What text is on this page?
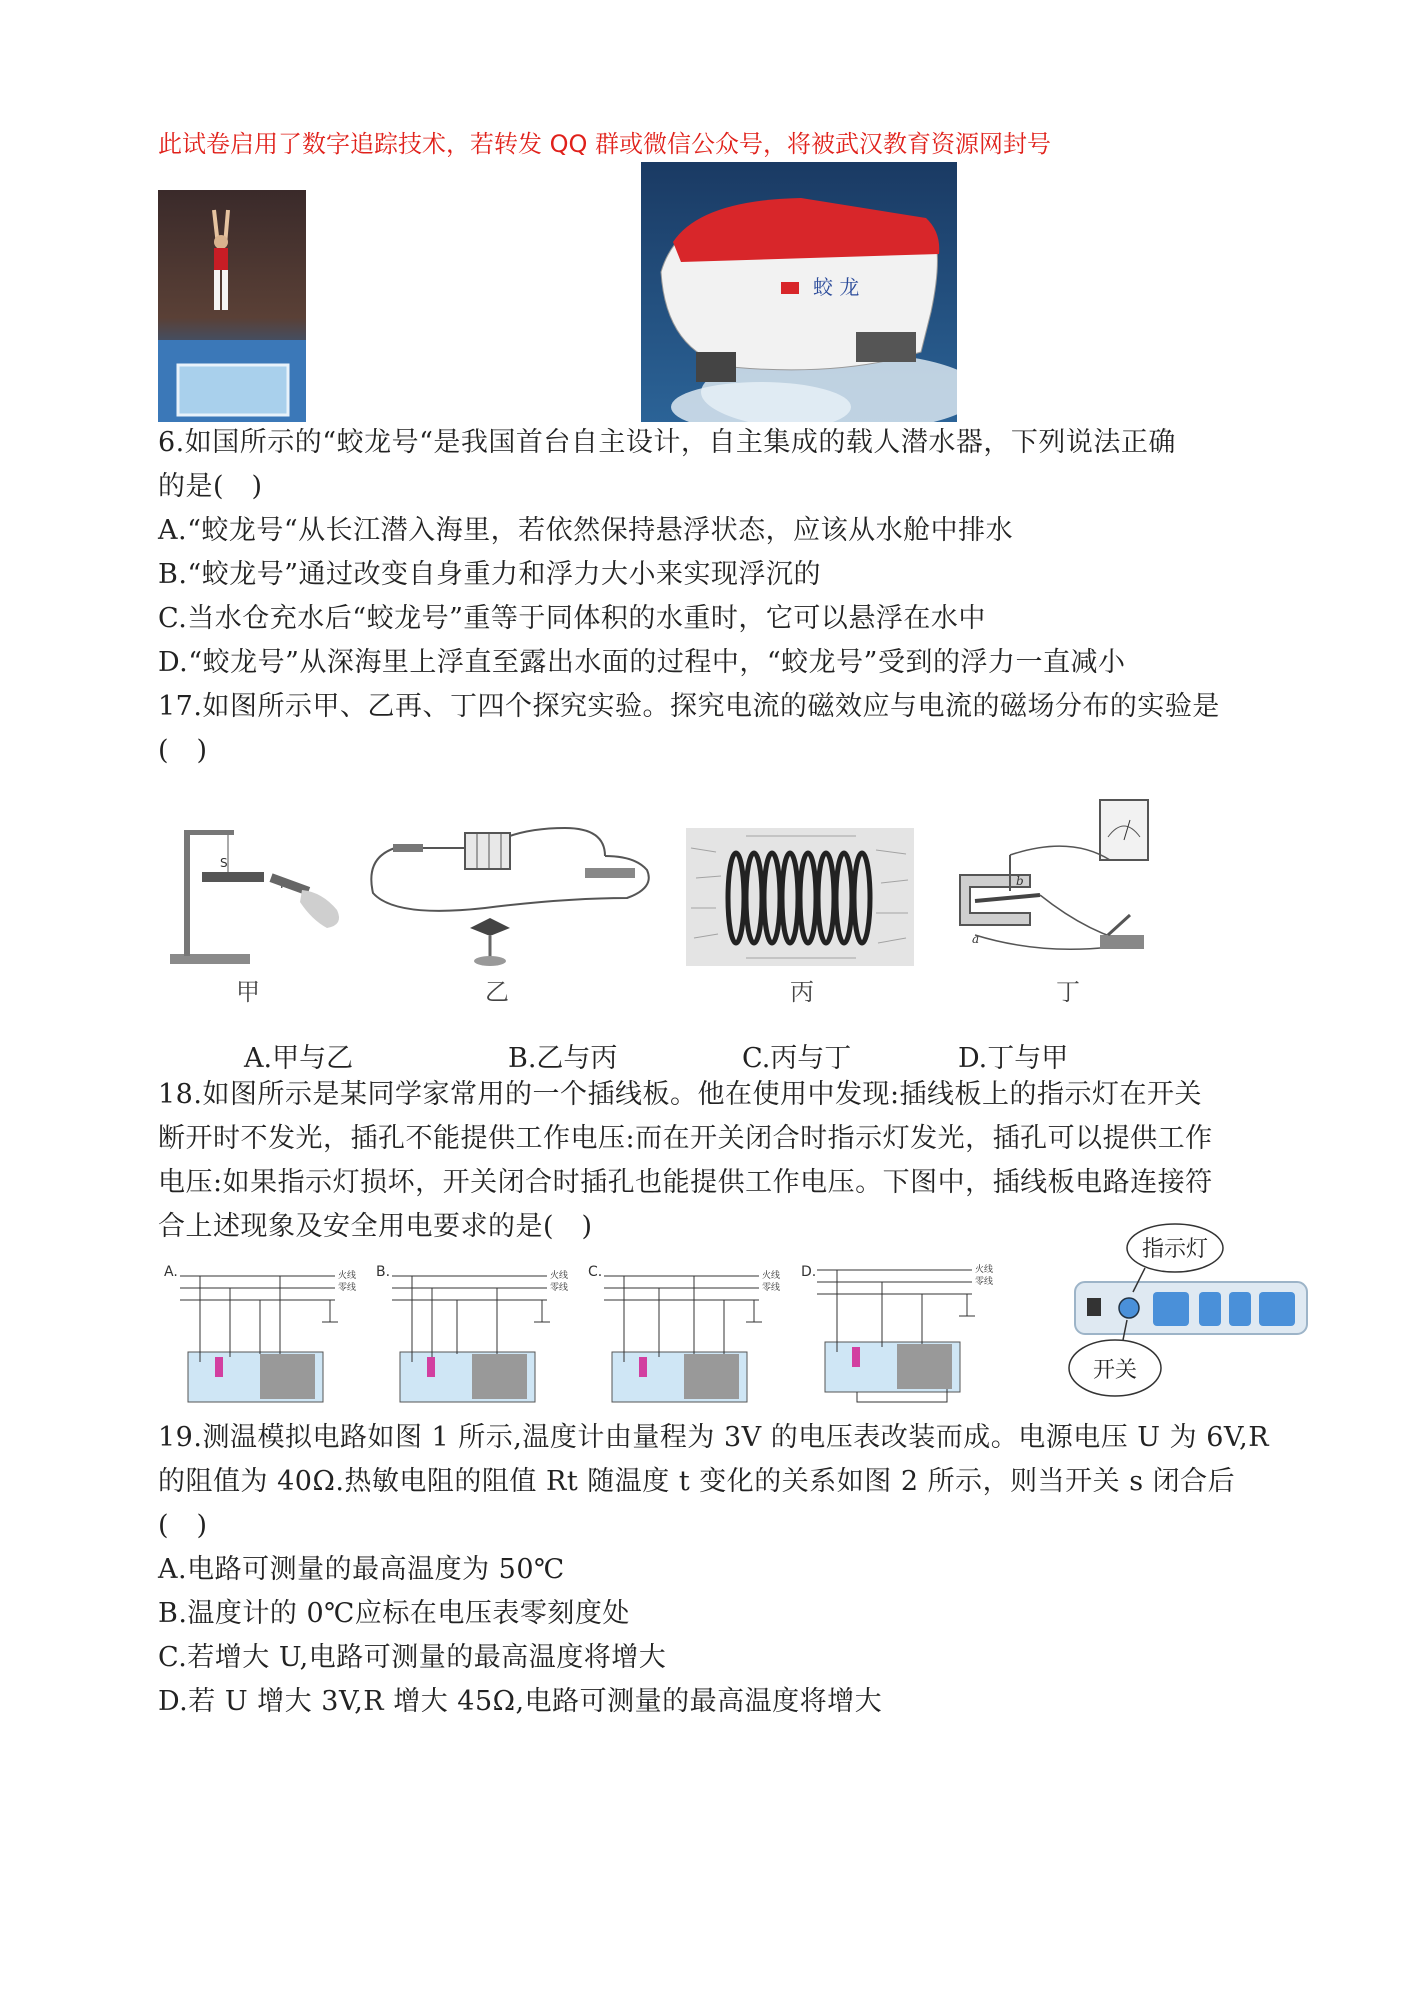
此试卷启用了数字追踪技术，若转发 QQ 群或微信公众号，将被武汉教育资源网封号
蛟 龙
6.如国所示的“蛟龙号“是我国首台自主设计，自主集成的载人潜水器，下列说法正确
的是(　)
A.“蛟龙号“从长江潜入海里，若依然保持悬浮状态，应该从水舱中排水
B.“蛟龙号”通过改变自身重力和浮力大小来实现浮沉的
C.当水仓充水后“蛟龙号”重等于同体积的水重时，它可以悬浮在水中
D.“蛟龙号”从深海里上浮直至露出水面的过程中，“蛟龙号”受到的浮力一直减小
17.如图所示甲、乙再、丁四个探究实验。探究电流的磁效应与电流的磁场分布的实验是
(　)
S
甲	乙	丙
b
a
丁
A.甲与乙	B.乙与丙	C.丙与丁	D.丁与甲
18.如图所示是某同学家常用的一个插线板。他在使用中发现:插线板上的指示灯在开关
断开时不发光，插孔不能提供工作电压:而在开关闭合时指示灯发光，插孔可以提供工作
电压:如果指示灯损坏，开关闭合时插孔也能提供工作电压。下图中，插线板电路连接符
合上述现象及安全用电要求的是(　)
A.	火线
零线
B.	火线
零线
C.	火线
零线
D.	火线
零线
指示灯
开关
19.测温模拟电路如图 1 所示,温度计由量程为 3V 的电压表改装而成。电源电压 U 为 6V,R
的阻值为 40Ω.热敏电阻的阻值 Rt 随温度 t 变化的关系如图 2 所示，则当开关 s 闭合后
(　)
A.电路可测量的最高温度为 50℃
B.温度计的 0℃应标在电压表零刻度处
C.若增大 U,电路可测量的最高温度将增大
D.若 U 增大 3V,R 增大 45Ω,电路可测量的最高温度将增大
